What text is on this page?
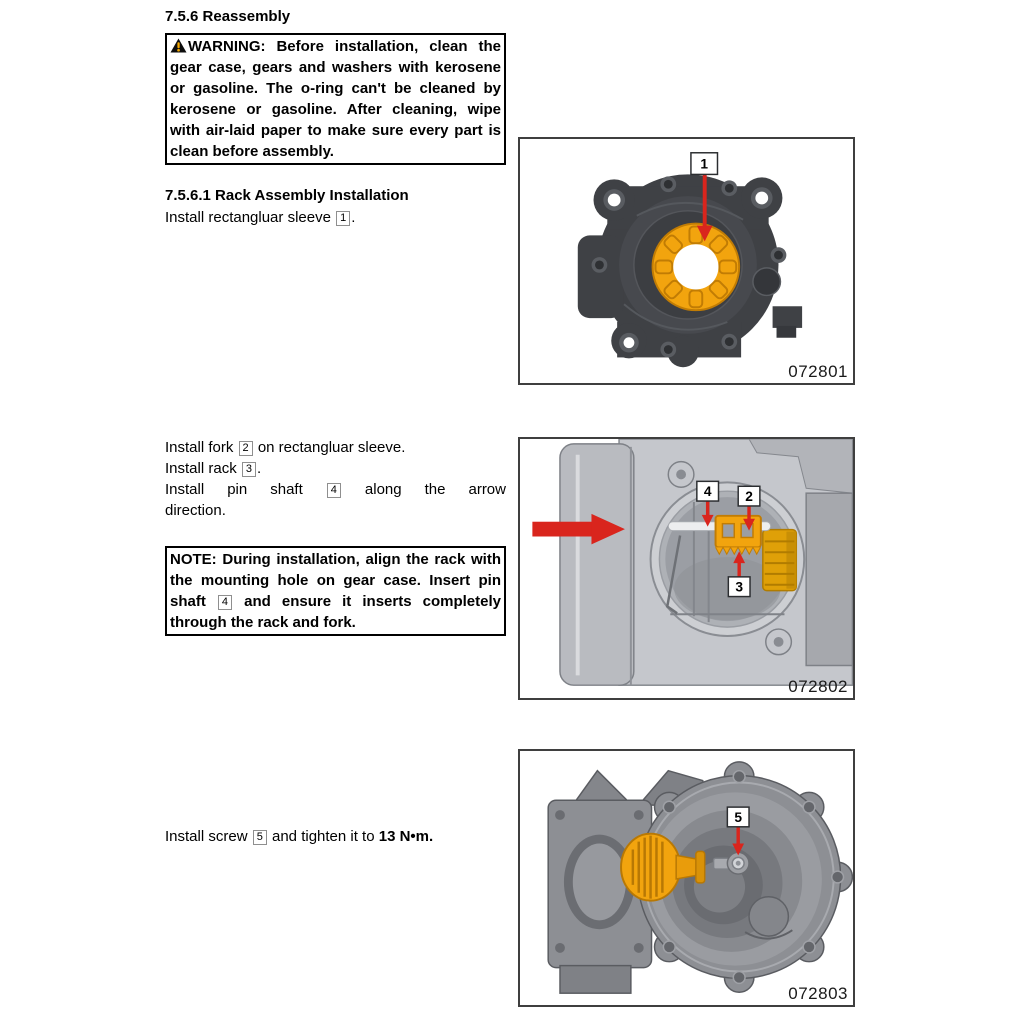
7.5.6 Reassembly
WARNING: Before installation, clean the gear case, gears and washers with kerosene or gasoline. The o-ring can't be cleaned by kerosene or gasoline. After cleaning, wipe with air-laid paper to make sure every part is clean before assembly.
7.5.6.1 Rack Assembly Installation
Install rectangluar sleeve 1 .
Install fork 2 on rectangluar sleeve.
Install rack 3 .
Install pin shaft 4 along the arrow
direction.
NOTE: During installation, align the rack with the mounting hole on gear case. Insert pin shaft 4 and ensure it inserts completely through the rack and fork.
Install screw 5 and tighten it to 13 N•m.
1
072801
4 2
3
072802
5
072803
